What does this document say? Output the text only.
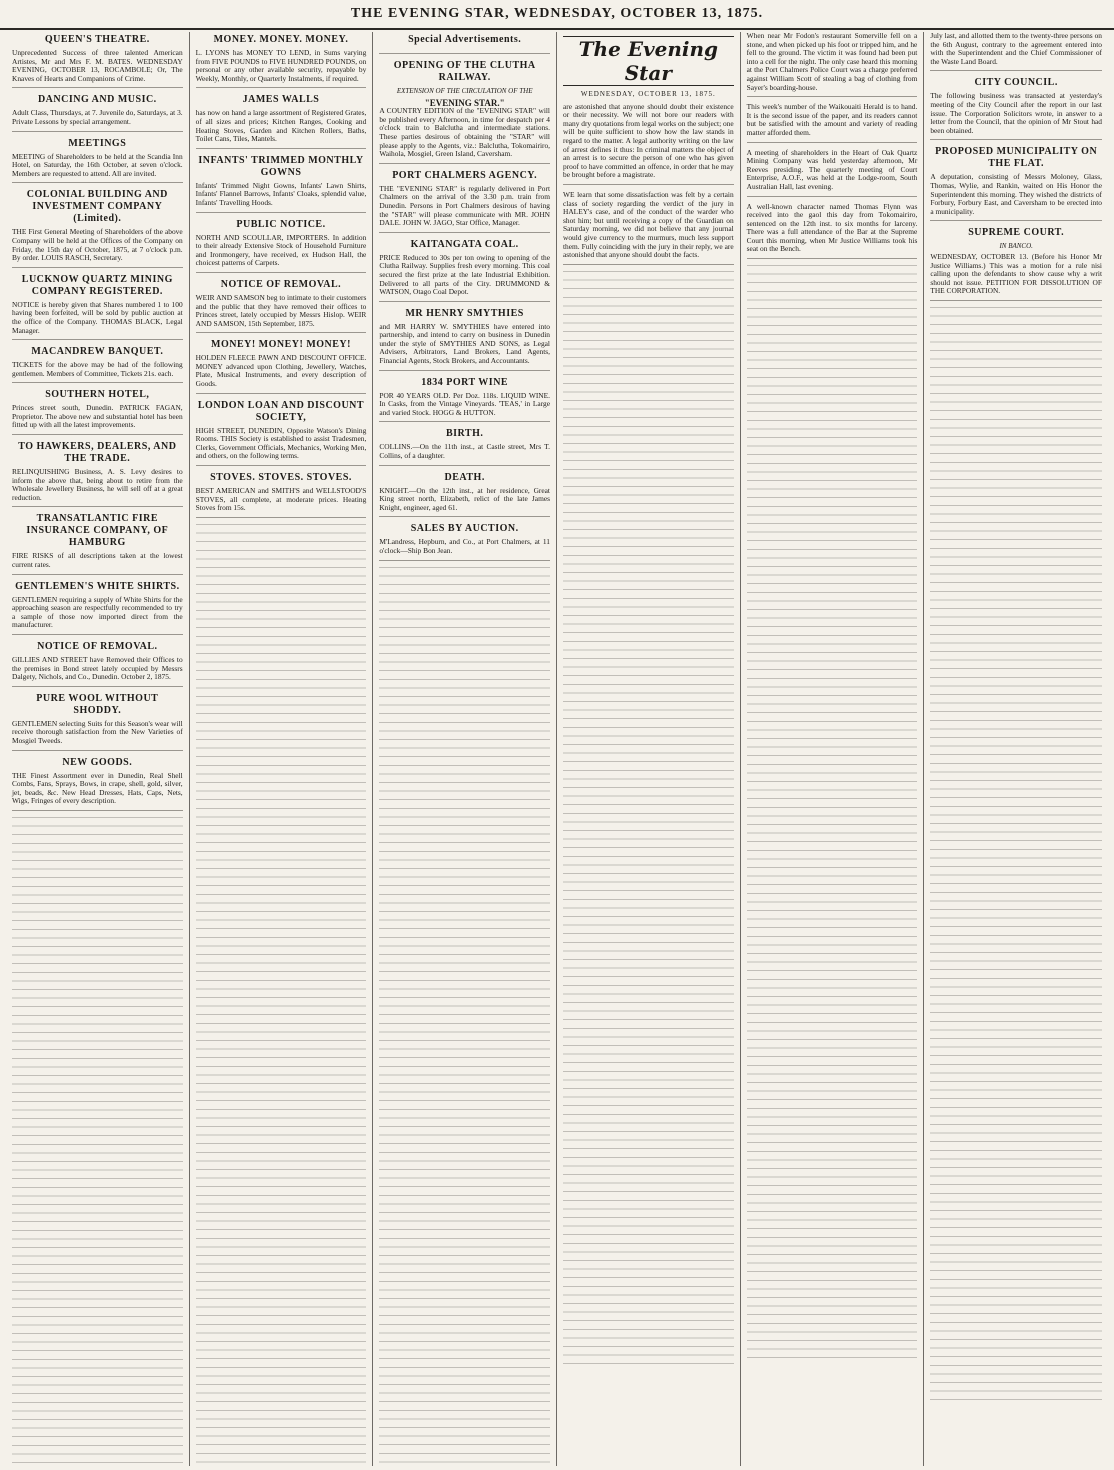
THE EVENING STAR, WEDNESDAY, OCTOBER 13, 1875.
QUEEN'S THEATRE.
Unprecedented Success of three talented American Artistes, Mr and Mrs F. M. BATES. WEDNESDAY EVENING, OCTOBER 13, ROCAMBOLE; Or, The Knaves of Hearts and Companions of Crime.
DANCING AND MUSIC.
Adult Class, Thursdays, at 7. Juvenile do, Saturdays, at 3. Private Lessons by special arrangement.
MEETINGS
MEETING of Shareholders to be held at the Scandia Inn Hotel, on Saturday, the 16th October, at seven o'clock. Members are requested to attend. All are invited.
COLONIAL BUILDING AND INVESTMENT COMPANY (Limited).
THE First General Meeting of Shareholders of the above Company will be held at the Offices of the Company on Friday, the 15th day of October, 1875, at 7 o'clock p.m. By order. LOUIS RASCH, Secretary.
LUCKNOW QUARTZ MINING COMPANY REGISTERED.
NOTICE is hereby given that Shares numbered 1 to 100 having been forfeited, will be sold by public auction at the office of the Company. THOMAS BLACK, Legal Manager.
MACANDREW BANQUET.
TICKETS for the above may be had of the following gentlemen. Members of Committee, Tickets 21s. each.
SOUTHERN HOTEL,
Princes street south, Dunedin. PATRICK FAGAN, Proprietor. The above new and substantial hotel has been fitted up with all the latest improvements.
TO HAWKERS, DEALERS, AND THE TRADE.
RELINQUISHING Business, A. S. Levy desires to inform the above that, being about to retire from the Wholesale Jewellery Business, he will sell off at a great reduction.
TRANSATLANTIC FIRE INSURANCE COMPANY, OF HAMBURG
FIRE RISKS of all descriptions taken at the lowest current rates.
GENTLEMEN'S WHITE SHIRTS.
GENTLEMEN requiring a supply of White Shirts for the approaching season are respectfully recommended to try a sample of those now imported direct from the manufacturer.
NOTICE OF REMOVAL.
GILLIES AND STREET have Removed their Offices to the premises in Bond street lately occupied by Messrs Dalgety, Nichols, and Co., Dunedin. October 2, 1875.
PURE WOOL WITHOUT SHODDY.
GENTLEMEN selecting Suits for this Season's wear will receive thorough satisfaction from the New Varieties of Mosgiel Tweeds.
NEW GOODS.
THE Finest Assortment ever in Dunedin, Real Shell Combs, Fans, Sprays, Bows, in crape, shell, gold, silver, jet, beads, &c. New Head Dresses, Hats, Caps, Nets, Wigs, Fringes of every description.
MONEY. MONEY. MONEY.
L. LYONS has MONEY TO LEND, in Sums varying from FIVE POUNDS to FIVE HUNDRED POUNDS, on personal or any other available security, repayable by Weekly, Monthly, or Quarterly Instalments, if required.
JAMES WALLS
has now on hand a large assortment of Registered Grates, of all sizes and prices; Kitchen Ranges, Cooking and Heating Stoves, Garden and Kitchen Rollers, Baths, Toilet Cans, Tiles, Mantels.
INFANTS' TRIMMED MONTHLY GOWNS
Infants' Trimmed Night Gowns, Infants' Lawn Shirts, Infants' Flannel Barrows, Infants' Cloaks, splendid value, Infants' Travelling Hoods.
PUBLIC NOTICE.
NORTH AND SCOULLAR, IMPORTERS. In addition to their already Extensive Stock of Household Furniture and Ironmongery, have received, ex Hudson Hall, the choicest patterns of Carpets.
NOTICE OF REMOVAL.
WEIR AND SAMSON beg to intimate to their customers and the public that they have removed their offices to Princes street, lately occupied by Messrs Hislop. WEIR AND SAMSON, 15th September, 1875.
MONEY! MONEY! MONEY!
HOLDEN FLEECE PAWN AND DISCOUNT OFFICE. MONEY advanced upon Clothing, Jewellery, Watches, Plate, Musical Instruments, and every description of Goods.
LONDON LOAN AND DISCOUNT SOCIETY,
HIGH STREET, DUNEDIN, Opposite Watson's Dining Rooms. THIS Society is established to assist Tradesmen, Clerks, Government Officials, Mechanics, Working Men, and others, on the following terms.
STOVES. STOVES. STOVES.
BEST AMERICAN and SMITH'S and WELLSTOOD'S STOVES, all complete, at moderate prices. Heating Stoves from 15s.
Special Advertisements.
OPENING OF THE CLUTHA RAILWAY.
EXTENSION OF THE CIRCULATION OF THE
"EVENING STAR."
A COUNTRY EDITION of the "EVENING STAR" will be published every Afternoon, in time for despatch per 4 o'clock train to Balclutha and intermediate stations. These parties desirous of obtaining the "STAR" will please apply to the Agents, viz.: Balclutha, Tokomairiro, Waihola, Mosgiel, Green Island, Caversham.
PORT CHALMERS AGENCY.
THE "EVENING STAR" is regularly delivered in Port Chalmers on the arrival of the 3.30 p.m. train from Dunedin. Persons in Port Chalmers desirous of having the "STAR" will please communicate with MR. JOHN DALE. JOHN W. JAGO, Star Office, Manager.
KAITANGATA COAL.
PRICE Reduced to 30s per ton owing to opening of the Clutha Railway. Supplies fresh every morning. This coal secured the first prize at the late Industrial Exhibition. Delivered to all parts of the City. DRUMMOND & WATSON, Otago Coal Depot.
MR HENRY SMYTHIES
and MR HARRY W. SMYTHIES have entered into partnership, and intend to carry on business in Dunedin under the style of SMYTHIES AND SONS, as Legal Advisers, Arbitrators, Land Brokers, Land Agents, Financial Agents, Stock Brokers, and Accountants.
1834 PORT WINE
POR 40 YEARS OLD. Per Doz. 118s. LIQUID WINE. In Casks, from the Vintage Vineyards. 'TEAS,' in Large and varied Stock. HOGG & HUTTON.
BIRTH.
COLLINS.—On the 11th inst., at Castle street, Mrs T. Collins, of a daughter.
DEATH.
KNIGHT.—On the 12th inst., at her residence, Great King street north, Elizabeth, relict of the late James Knight, engineer, aged 61.
SALES BY AUCTION.
M'Landress, Hepburn, and Co., at Port Chalmers, at 11 o'clock—Ship Bon Jean.
The Evening Star
WEDNESDAY, OCTOBER 13, 1875.
are astonished that anyone should doubt their existence or their necessity. We will not bore our readers with many dry quotations from legal works on the subject; one will be quite sufficient to show how the law stands in regard to the matter. A legal authority writing on the law of arrest defines it thus: In criminal matters the object of an arrest is to secure the person of one who has given proof to have committed an offence, in order that he may be brought before a magistrate.
WE learn that some dissatisfaction was felt by a certain class of society regarding the verdict of the jury in HALEY's case, and of the conduct of the warder who shot him; but until receiving a copy of the Guardian on Saturday morning, we did not believe that any journal would give currency to the murmurs, much less support them. Fully coinciding with the jury in their reply, we are astonished that anyone should doubt the facts.
When near Mr Fodon's restaurant Somerville fell on a stone, and when picked up his foot or tripped him, and he fell to the ground. The victim it was found had been put into a cell for the night. The only case heard this morning at the Port Chalmers Police Court was a charge preferred against William Scott of stealing a bag of clothing from Sayer's boarding-house.
This week's number of the Waikouaiti Herald is to hand. It is the second issue of the paper, and its readers cannot but be satisfied with the amount and variety of reading matter afforded them.
A meeting of shareholders in the Heart of Oak Quartz Mining Company was held yesterday afternoon, Mr Reeves presiding. The quarterly meeting of Court Enterprise, A.O.F., was held at the Lodge-room, South Australian Hall, last evening.
A well-known character named Thomas Flynn was received into the gaol this day from Tokomairiro, sentenced on the 12th inst. to six months for larceny. There was a full attendance of the Bar at the Supreme Court this morning, when Mr Justice Williams took his seat on the Bench.
July last, and allotted them to the twenty-three persons on the 6th August, contrary to the agreement entered into with the Superintendent and the Chief Commissioner of the Waste Land Board.
CITY COUNCIL.
The following business was transacted at yesterday's meeting of the City Council after the report in our last issue. The Corporation Solicitors wrote, in answer to a letter from the Council, that the opinion of Mr Stout had been obtained.
PROPOSED MUNICIPALITY ON THE FLAT.
A deputation, consisting of Messrs Moloney, Glass, Thomas, Wylie, and Rankin, waited on His Honor the Superintendent this morning. They wished the districts of Forbury, Forbury East, and Caversham to be erected into a municipality.
SUPREME COURT.
IN BANCO.
WEDNESDAY, OCTOBER 13. (Before his Honor Mr Justice Williams.) This was a motion for a rule nisi calling upon the defendants to show cause why a writ should not issue. PETITION FOR DISSOLUTION OF THE CORPORATION.
